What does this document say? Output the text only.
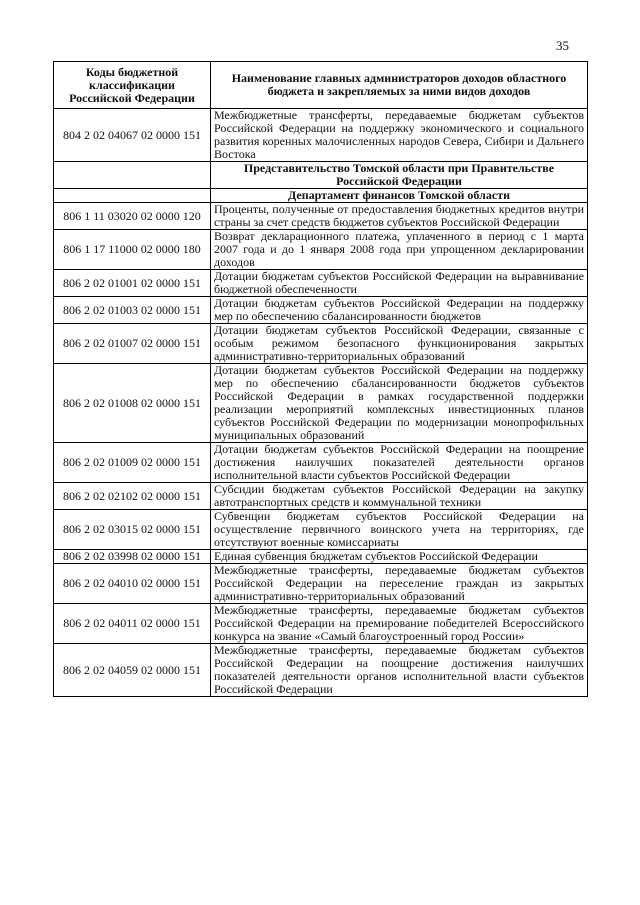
35
Коды бюджетной классификации Российской Федерации	Наименование главных администраторов доходов областного бюджета и закрепляемых за ними видов доходов
804 2 02 04067 02 0000 151	Межбюджетные трансферты, передаваемые бюджетам субъектов Российской Федерации на поддержку экономического и социального развития коренных малочисленных народов Севера, Сибири и Дальнего Востока
	Представительство Томской области при Правительстве Российской Федерации
	Департамент финансов Томской области
806 1 11 03020 02 0000 120	Проценты, полученные от предоставления бюджетных кредитов внутри страны за счет средств бюджетов субъектов Российской Федерации
806 1 17 11000 02 0000 180	Возврат декларационного платежа, уплаченного в период с 1 марта 2007 года и до 1 января 2008 года при упрощенном декларировании доходов
806 2 02 01001 02 0000 151	Дотации бюджетам субъектов Российской Федерации на выравнивание бюджетной обеспеченности
806 2 02 01003 02 0000 151	Дотации бюджетам субъектов Российской Федерации на поддержку мер по обеспечению сбалансированности бюджетов
806 2 02 01007 02 0000 151	Дотации бюджетам субъектов Российской Федерации, связанные с особым режимом безопасного функционирования закрытых административно-территориальных образований
806 2 02 01008 02 0000 151	Дотации бюджетам субъектов Российской Федерации на поддержку мер по обеспечению сбалансированности бюджетов субъектов Российской Федерации в рамках государственной поддержки реализации мероприятий комплексных инвестиционных планов субъектов Российской Федерации по модернизации монопрофильных муниципальных образований
806 2 02 01009 02 0000 151	Дотации бюджетам субъектов Российской Федерации на поощрение достижения наилучших показателей деятельности органов исполнительной власти субъектов Российской Федерации
806 2 02 02102 02 0000 151	Субсидии бюджетам субъектов Российской Федерации на закупку автотранспортных средств и коммунальной техники
806 2 02 03015 02 0000 151	Субвенции бюджетам субъектов Российской Федерации на осуществление первичного воинского учета на территориях, где отсутствуют военные комиссариаты
806 2 02 03998 02 0000 151	Единая субвенция бюджетам субъектов Российской Федерации
806 2 02 04010 02 0000 151	Межбюджетные трансферты, передаваемые бюджетам субъектов Российской Федерации на переселение граждан из закрытых административно-территориальных образований
806 2 02 04011 02 0000 151	Межбюджетные трансферты, передаваемые бюджетам субъектов Российской Федерации на премирование победителей Всероссийского конкурса на звание «Самый благоустроенный город России»
806 2 02 04059 02 0000 151	Межбюджетные трансферты, передаваемые бюджетам субъектов Российской Федерации на поощрение достижения наилучших показателей деятельности органов исполнительной власти субъектов Российской Федерации
